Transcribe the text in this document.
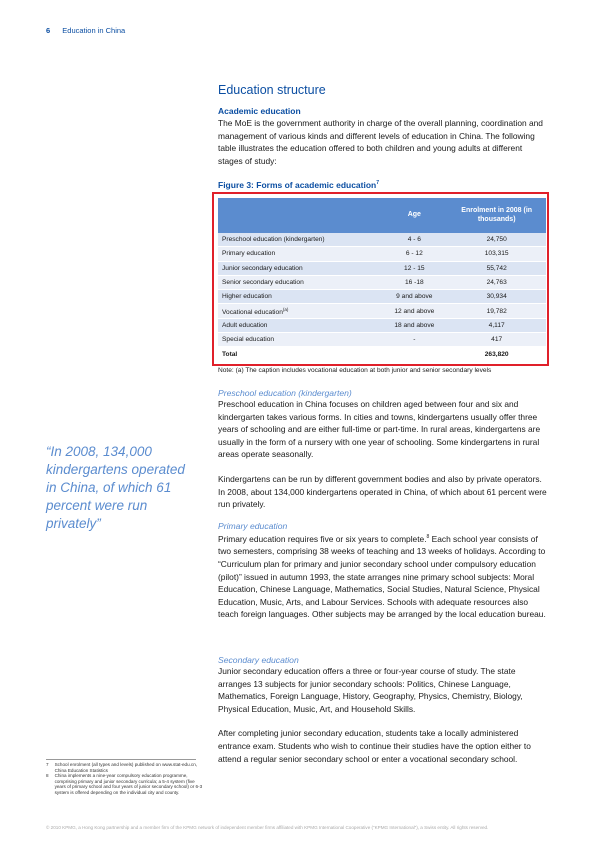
6 Education in China
Education structure
Academic education

The MoE is the government authority in charge of the overall planning, coordination and management of various kinds and different levels of education in China. The following table illustrates the education offered to both children and young adults at different stages of study:

Figure 3: Forms of academic education$^7$
	Age	Enrolment in 2008 (in thousands)
Preschool education (kindergarten)	4 - 6	24,750
Primary education	6 - 12	103,315
Junior secondary education	12 - 15	55,742
Senior secondary education	16 -18	24,763
Higher education	9 and above	30,934
Vocational education$^{(a)}$	12 and above	19,782
Adult education	18 and above	4,117
Special education	-	417
Total		263,820
Note: (a) The caption includes vocational education at both junior and senior secondary levels

Preschool education (kindergarten)

Preschool education in China focuses on children aged between four and six and kindergarten takes various forms. In cities and towns, kindergartens usually offer three years of schooling and are either full-time or part-time. In rural areas, kindergartens are usually in the form of a nursery with one year of schooling. Some kindergartens in rural areas operate seasonally.

Kindergartens can be run by different government bodies and also by private operators. In 2008, about 134,000 kindergartens operated in China, of which about 61 percent were run privately.

Primary education

Primary education requires five or six years to complete.$^8$ Each school year consists of two semesters, comprising 38 weeks of teaching and 13 weeks of holidays. According to “Curriculum plan for primary and junior secondary school under compulsory education (pilot)” issued in autumn 1993, the state arranges nine primary school subjects: Moral Education, Chinese Language, Mathematics, Social Studies, Natural Science, Physical Education, Music, Arts, and Labour Services. Schools with adequate resources also teach foreign languages. Other subjects may be arranged by the local education bureau.

Secondary education

Junior secondary education offers a three or four-year course of study. The state arranges 13 subjects for junior secondary schools: Politics, Chinese Language, Mathematics, Foreign Language, History, Geography, Physics, Chemistry, Biology, Physical Education, Music, Art, and Household Skills.

After completing junior secondary education, students take a locally administered entrance exam. Students who wish to continue their studies have the option either to attend a regular senior secondary school or enter a vocational secondary school.

“In 2008, 134,000 kindergartens operated in China, of which 61 percent were run privately”
7 School enrolment (all types and levels) published on www.stat-edu.cn, China Education Statistics
8 China implements a nine-year compulsory education programme, comprising primary and junior secondary curricula; a 5-4 system (five years of primary school and four years of junior secondary school) or 6-3 system is offered depending on the individual city and county.
© 2010 KPMG, a Hong Kong partnership and a member firm of the KPMG network of independent member firms affiliated with KPMG International Cooperative (“KPMG International”), a Swiss entity. All rights reserved.
